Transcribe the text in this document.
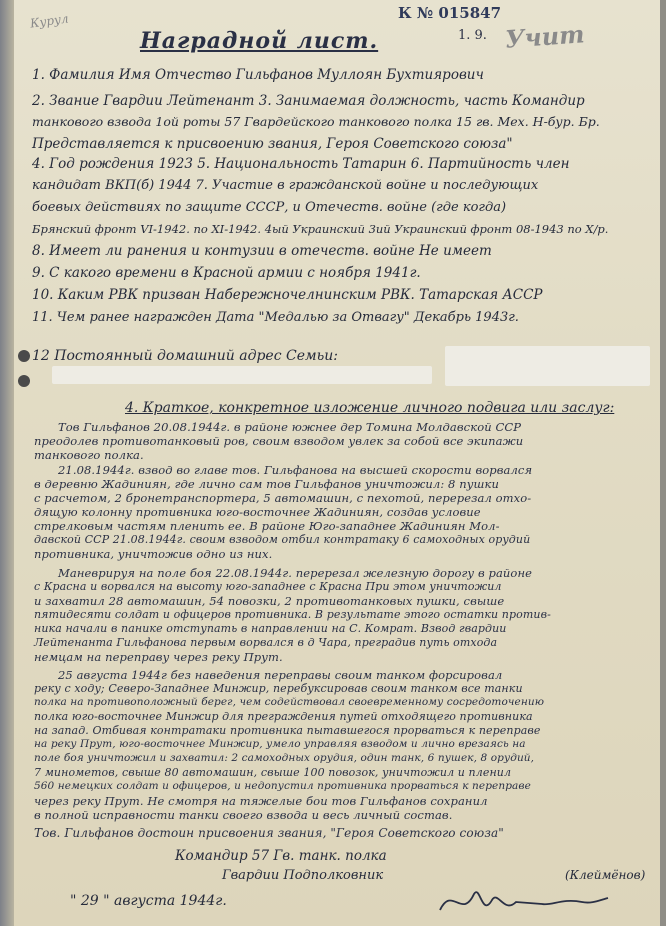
Курул	К № 015847
1. 9. Учит
Наградной лист.
1. Фамилия Имя Отчество Гильфанов Муллоян Бухтиярович
2. Звание Гвардии Лейтенант 3. Занимаемая должность, часть Командир
танкового взвода 1ой роты 57 Гвардейского танкового полка 15 гв. Мех. Н-бур. Бр.
Представляется к присвоению звания, Героя Советского союза"
4. Год рождения 1923 5. Национальность Татарин 6. Партийность член
кандидат ВКП(б) 1944 7. Участие в гражданской войне и последующих
боевых действиях по защите СССР, и Отечеств. войне (где когда)
Брянский фронт VI-1942. по XI-1942. 4ый Украинский 3ий Украинский фронт 08-1943 по Х/р.
8. Имеет ли ранения и контузии в отечеств. войне Не имеет
9. С какого времени в Красной армии с ноября 1941г.
10. Каким РВК призван Набережночелнинским РВК. Татарская АССР
11. Чем ранее награжден Дата "Медалью за Отвагу" Декабрь 1943г.
12 Постоянный домашний адрес Семьи:
4. Краткое, конкретное изложение личного подвига или заслуг:
Тов Гильфанов 20.08.1944г. в районе южнее дер Томина Молдавской ССР
преодолев противотанковый ров, своим взводом увлек за собой все экипажи
танкового полка.
21.08.1944г. взвод во главе тов. Гильфанова на высшей скорости ворвался
в деревню Жадиниян, где лично сам тов Гильфанов уничтожил: 8 пушки
с расчетом, 2 бронетранспортера, 5 автомашин, с пехотой, перерезал отхо-
дящую колонну противника юго-восточнее Жадиниян, создав условие
стрелковым частям пленить ее. В районе Юго-западнее Жадиниян Мол-
давской ССР 21.08.1944г. своим взводом отбил контратаку 6 самоходных орудий
противника, уничтожив одно из них.
Маневрируя на поле боя 22.08.1944г. перерезал железную дорогу в районе
с Красна и ворвался на высоту юго-западнее с Красна При этом уничтожил
и захватил 28 автомашин, 54 повозки, 2 противотанковых пушки, свыше
пятидесяти солдат и офицеров противника. В результате этого остатки против-
ника начали в панике отступать в направлении на С. Комрат. Взвод гвардии
Лейтенанта Гильфанова первым ворвался в д Чара, преградив путь отхода
немцам на переправу через реку Прут.
25 августа 1944г без наведения переправы своим танком форсировал
реку с ходу; Северо-Западнее Минжир, перебуксировав своим танком все танки
полка на противоположный берег, чем содействовал своевременному сосредоточению
полка юго-восточнее Минжир для преграждения путей отходящего противника
на запад. Отбивая контратаки противника пытавшегося прорваться к переправе
на реку Прут, юго-восточнее Минжир, умело управляя взводом и лично врезаясь на
поле боя уничтожил и захватил: 2 самоходных орудия, один танк, 6 пушек, 8 орудий,
7 минометов, свыше 80 автомашин, свыше 100 повозок, уничтожил и пленил
560 немецких солдат и офицеров, и недопустил противника прорваться к переправе
через реку Прут. Не смотря на тяжелые бои тов Гильфанов сохранил
в полной исправности танки своего взвода и весь личный состав.
Тов. Гильфанов достоин присвоения звания, "Героя Советского союза"
Командир 57 Гв. танк. полка
Гвардии Подполковник	(Клеймёнов)
" 29 " августа 1944г.
